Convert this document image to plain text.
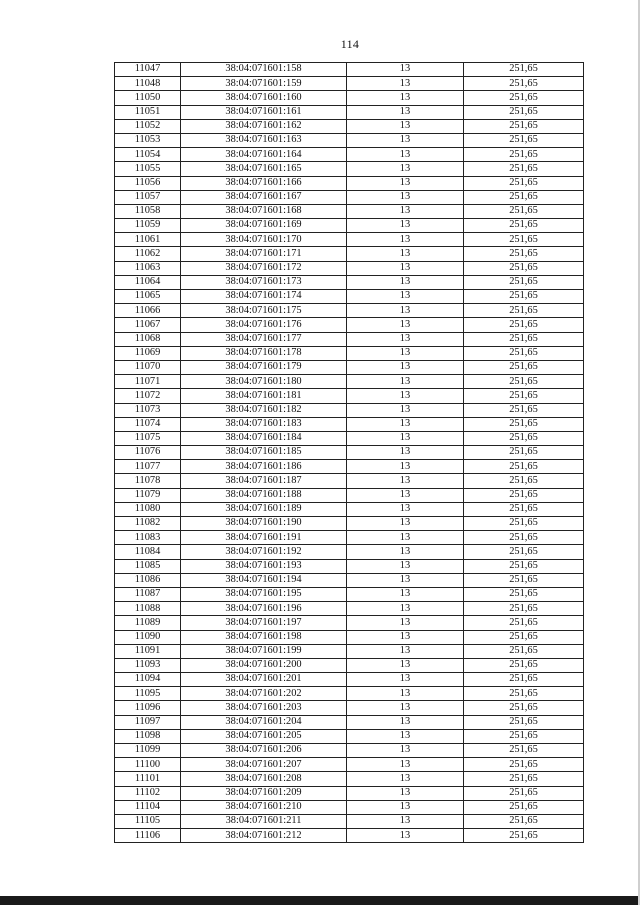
114
11047	38:04:071601:158	13	251,65
11048	38:04:071601:159	13	251,65
11050	38:04:071601:160	13	251,65
11051	38:04:071601:161	13	251,65
11052	38:04:071601:162	13	251,65
11053	38:04:071601:163	13	251,65
11054	38:04:071601:164	13	251,65
11055	38:04:071601:165	13	251,65
11056	38:04:071601:166	13	251,65
11057	38:04:071601:167	13	251,65
11058	38:04:071601:168	13	251,65
11059	38:04:071601:169	13	251,65
11061	38:04:071601:170	13	251,65
11062	38:04:071601:171	13	251,65
11063	38:04:071601:172	13	251,65
11064	38:04:071601:173	13	251,65
11065	38:04:071601:174	13	251,65
11066	38:04:071601:175	13	251,65
11067	38:04:071601:176	13	251,65
11068	38:04:071601:177	13	251,65
11069	38:04:071601:178	13	251,65
11070	38:04:071601:179	13	251,65
11071	38:04:071601:180	13	251,65
11072	38:04:071601:181	13	251,65
11073	38:04:071601:182	13	251,65
11074	38:04:071601:183	13	251,65
11075	38:04:071601:184	13	251,65
11076	38:04:071601:185	13	251,65
11077	38:04:071601:186	13	251,65
11078	38:04:071601:187	13	251,65
11079	38:04:071601:188	13	251,65
11080	38:04:071601:189	13	251,65
11082	38:04:071601:190	13	251,65
11083	38:04:071601:191	13	251,65
11084	38:04:071601:192	13	251,65
11085	38:04:071601:193	13	251,65
11086	38:04:071601:194	13	251,65
11087	38:04:071601:195	13	251,65
11088	38:04:071601:196	13	251,65
11089	38:04:071601:197	13	251,65
11090	38:04:071601:198	13	251,65
11091	38:04:071601:199	13	251,65
11093	38:04:071601:200	13	251,65
11094	38:04:071601:201	13	251,65
11095	38:04:071601:202	13	251,65
11096	38:04:071601:203	13	251,65
11097	38:04:071601:204	13	251,65
11098	38:04:071601:205	13	251,65
11099	38:04:071601:206	13	251,65
11100	38:04:071601:207	13	251,65
11101	38:04:071601:208	13	251,65
11102	38:04:071601:209	13	251,65
11104	38:04:071601:210	13	251,65
11105	38:04:071601:211	13	251,65
11106	38:04:071601:212	13	251,65
